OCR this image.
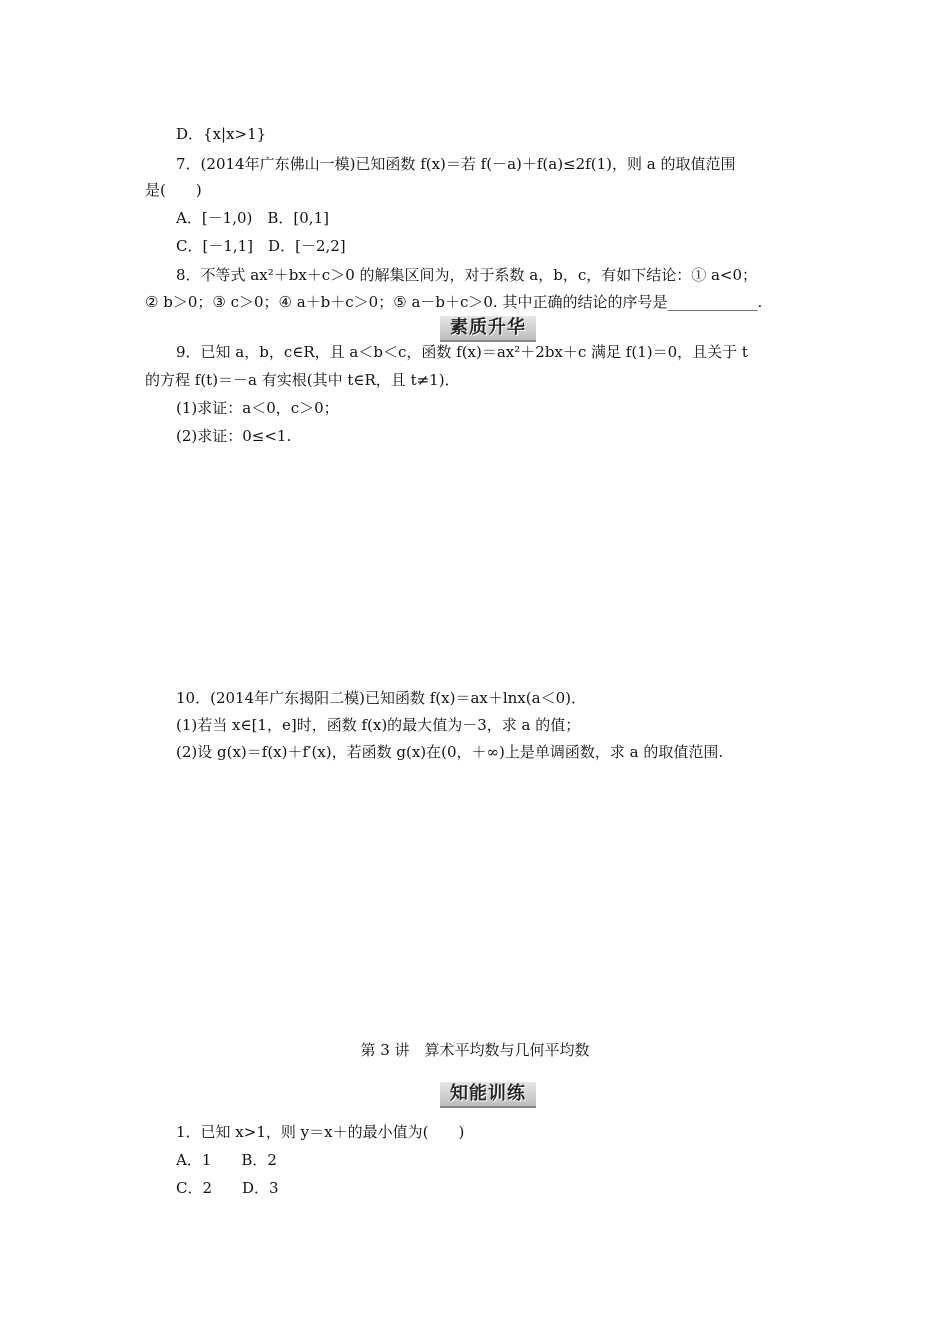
D．{x|x>1}
7．(2014年广东佛山一模)已知函数 f(x)＝若 f(－a)＋f(a)≤2f(1)，则 a 的取值范围
是(　　)
A．[－1,0)　B．[0,1]
C．[－1,1]　D．[－2,2]
8．不等式 ax²＋bx＋c＞0 的解集区间为，对于系数 a，b，c，有如下结论：① a<0；
② b＞0；③ c＞0；④ a＋b＋c＞0；⑤ a－b＋c＞0. 其中正确的结论的序号是____________.
素质升华
9．已知 a，b，c∈R，且 a＜b＜c，函数 f(x)＝ax²＋2bx＋c 满足 f(1)＝0，且关于 t
的方程 f(t)＝－a 有实根(其中 t∈R，且 t≠1)．
(1)求证：a＜0，c＞0；
(2)求证：0≤<1.
10．(2014年广东揭阳二模)已知函数 f(x)＝ax＋lnx(a＜0)．
(1)若当 x∈[1，e]时，函数 f(x)的最大值为－3，求 a 的值；
(2)设 g(x)＝f(x)＋f′(x)，若函数 g(x)在(0，＋∞)上是单调函数，求 a 的取值范围.
第 3 讲　算术平均数与几何平均数
知能训练
1．已知 x>1，则 y＝x＋的最小值为(　　)
A．1　　B．2
C．2　　D．3
